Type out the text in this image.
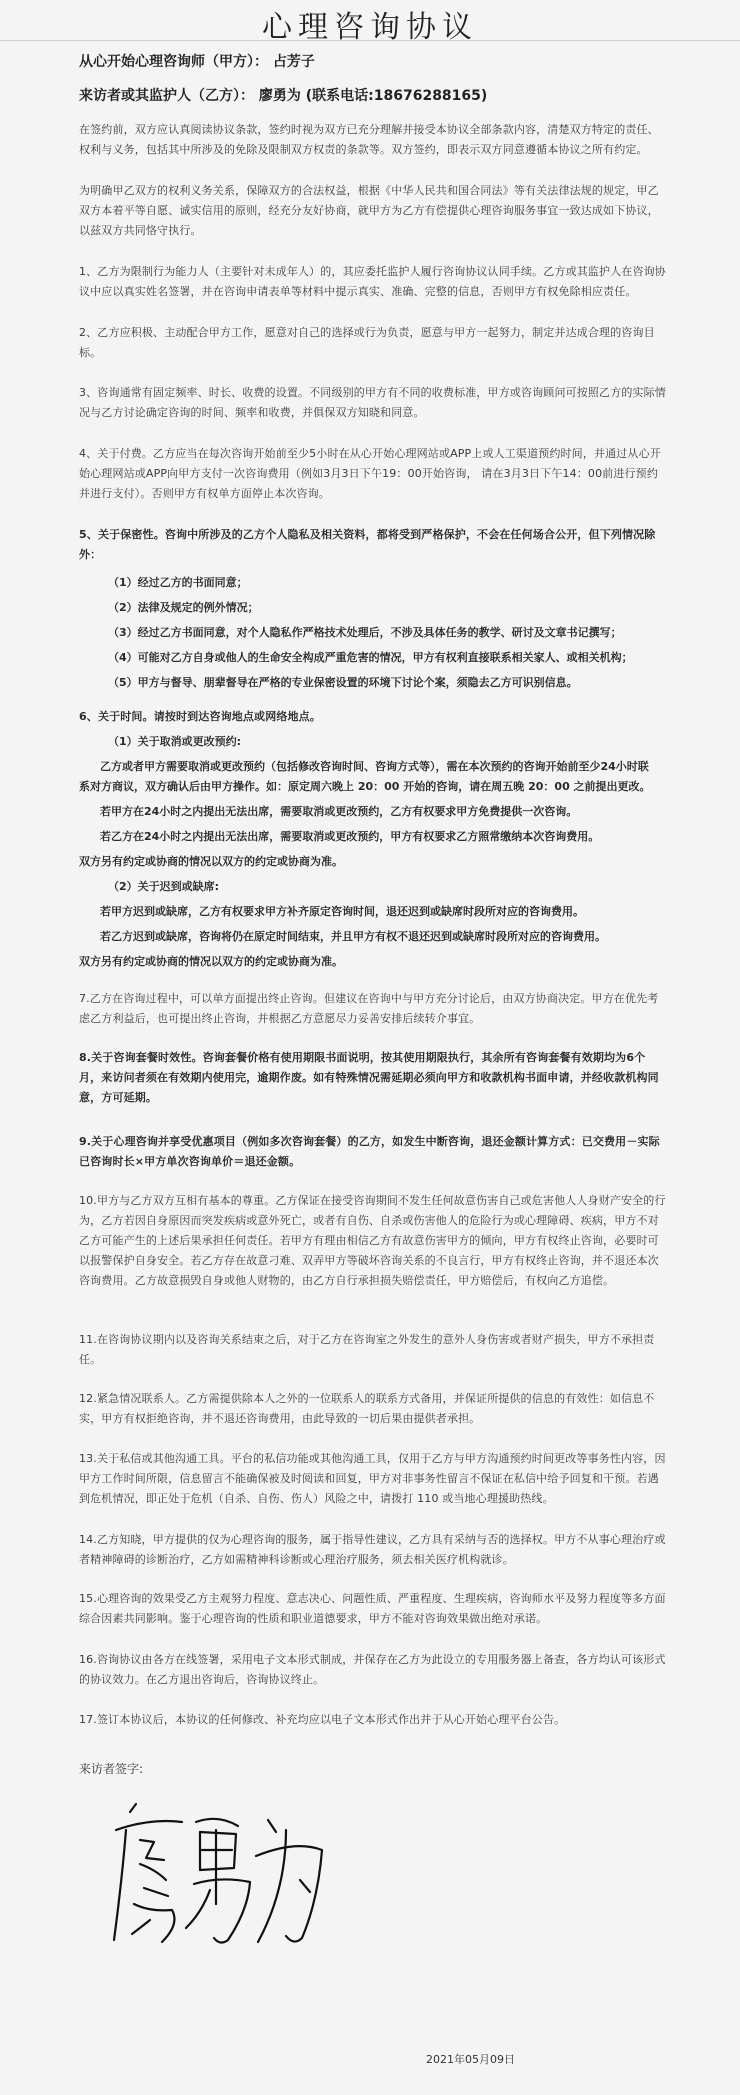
心理咨询协议
从心开始心理咨询师（甲方）： 占芳子
来访者或其监护人（乙方）： 廖勇为 (联系电话:18676288165)
在签约前，双方应认真阅读协议条款，签约时视为双方已充分理解并接受本协议全部条款内容，清楚双方特定的责任、权利与义务，包括其中所涉及的免除及限制双方权责的条款等。双方签约，即表示双方同意遵循本协议之所有约定。
为明确甲乙双方的权利义务关系，保障双方的合法权益，根据《中华人民共和国合同法》等有关法律法规的规定，甲乙双方本着平等自愿、诚实信用的原则，经充分友好协商，就甲方为乙方有偿提供心理咨询服务事宜一致达成如下协议，以兹双方共同恪守执行。
1、乙方为限制行为能力人（主要针对未成年人）的，其应委托监护人履行咨询协议认同手续。乙方或其监护人在咨询协议中应以真实姓名签署，并在咨询申请表单等材料中提示真实、准确、完整的信息，否则甲方有权免除相应责任。
2、乙方应积极、主动配合甲方工作，愿意对自己的选择或行为负责，愿意与甲方一起努力，制定并达成合理的咨询目标。
3、咨询通常有固定频率、时长、收费的设置。不同级别的甲方有不同的收费标准，甲方或咨询顾问可按照乙方的实际情况与乙方讨论确定咨询的时间、频率和收费，并俱保双方知晓和同意。
4、关于付费。乙方应当在每次咨询开始前至少5小时在从心开始心理网站或APP上或人工渠道预约时间，并通过从心开始心理网站或APP向甲方支付一次咨询费用（例如3月3日下午19：00开始咨询， 请在3月3日下午14：00前进行预约并进行支付）。否则甲方有权单方面停止本次咨询。
5、关于保密性。咨询中所涉及的乙方个人隐私及相关资料，都将受到严格保护，不会在任何场合公开，但下列情况除外：
（1）经过乙方的书面同意；
（2）法律及规定的例外情况；
（3）经过乙方书面同意，对个人隐私作严格技术处理后，不涉及具体任务的教学、研讨及文章书记撰写；
（4）可能对乙方自身或他人的生命安全构成严重危害的情况，甲方有权利直接联系相关家人、或相关机构；
（5）甲方与督导、朋辈督导在严格的专业保密设置的环境下讨论个案，须隐去乙方可识别信息。
6、关于时间。请按时到达咨询地点或网络地点。
（1）关于取消或更改预约:
乙方或者甲方需要取消或更改预约（包括修改咨询时间、咨询方式等），需在本次预约的咨询开始前至少24小时联
系对方商议，双方确认后由甲方操作。如：原定周六晚上 20：00 开始的咨询，请在周五晚 20：00 之前提出更改。
若甲方在24小时之内提出无法出席，需要取消或更改预约，乙方有权要求甲方免费提供一次咨询。
若乙方在24小时之内提出无法出席，需要取消或更改预约，甲方有权要求乙方照常缴纳本次咨询费用。
双方另有约定或协商的情况以双方的约定或协商为准。
（2）关于迟到或缺席:
若甲方迟到或缺席，乙方有权要求甲方补齐原定咨询时间，退还迟到或缺席时段所对应的咨询费用。
若乙方迟到或缺席，咨询将仍在原定时间结束，并且甲方有权不退还迟到或缺席时段所对应的咨询费用。
双方另有约定或协商的情况以双方的约定或协商为准。
7.乙方在咨询过程中，可以单方面提出终止咨询。但建议在咨询中与甲方充分讨论后，由双方协商决定。甲方在优先考虑乙方利益后，也可提出终止咨询，并根据乙方意愿尽力妥善安排后续转介事宜。
8.关于咨询套餐时效性。咨询套餐价格有使用期限书面说明，按其使用期限执行，其余所有咨询套餐有效期均为6个月，来访问者须在有效期内使用完，逾期作废。如有特殊情况需延期必须向甲方和收款机构书面申请，并经收款机构同意，方可延期。
9.关于心理咨询并享受优惠项目（例如多次咨询套餐）的乙方，如发生中断咨询，退还金额计算方式：已交费用－实际已咨询时长×甲方单次咨询单价＝退还金额。
10.甲方与乙方双方互相有基本的尊重。乙方保证在接受咨询期间不发生任何故意伤害自己或危害他人人身财产安全的行为，乙方若因自身原因而突发疾病或意外死亡，或者有自伤、自杀或伤害他人的危险行为或心理障碍、疾病，甲方不对乙方可能产生的上述后果承担任何责任。若甲方有理由相信乙方有故意伤害甲方的倾向，甲方有权终止咨询，必要时可以报警保护自身安全。若乙方存在故意刁难、双弄甲方等破坏咨询关系的不良言行，甲方有权终止咨询，并不退还本次咨询费用。乙方故意损毁自身或他人财物的，由乙方自行承担损失赔偿责任，甲方赔偿后，有权向乙方追偿。
11.在咨询协议期内以及咨询关系结束之后，对于乙方在咨询室之外发生的意外人身伤害或者财产损失，甲方不承担责任。
12.紧急情况联系人。乙方需提供除本人之外的一位联系人的联系方式备用，并保证所提供的信息的有效性：如信息不实，甲方有权拒绝咨询，并不退还咨询费用，由此导致的一切后果由提供者承担。
13.关于私信或其他沟通工具。平台的私信功能或其他沟通工具，仅用于乙方与甲方沟通预约时间更改等事务性内容，因甲方工作时间所限，信息留言不能确保被及时阅读和回复，甲方对非事务性留言不保证在私信中给予回复和干预。若遇到危机情况，即正处于危机（自杀、自伤、伤人）风险之中，请拨打 110 或当地心理援助热线。
14.乙方知晓，甲方提供的仅为心理咨询的服务，属于指导性建议，乙方具有采纳与否的选择权。甲方不从事心理治疗或者精神障碍的诊断治疗，乙方如需精神科诊断或心理治疗服务，须去相关医疗机构就诊。
15.心理咨询的效果受乙方主观努力程度、意志决心、问题性质、严重程度、生理疾病，咨询师水平及努力程度等多方面综合因素共同影响。鉴于心理咨询的性质和职业道德要求，甲方不能对咨询效果做出绝对承诺。
16.咨询协议由各方在线签署，采用电子文本形式制成，并保存在乙方为此设立的专用服务器上备查，各方均认可该形式的协议效力。在乙方退出咨询后，咨询协议终止。
17.签订本协议后，本协议的任何修改、补充均应以电子文本形式作出并于从心开始心理平台公告。
来访者签字:
2021年05月09日
